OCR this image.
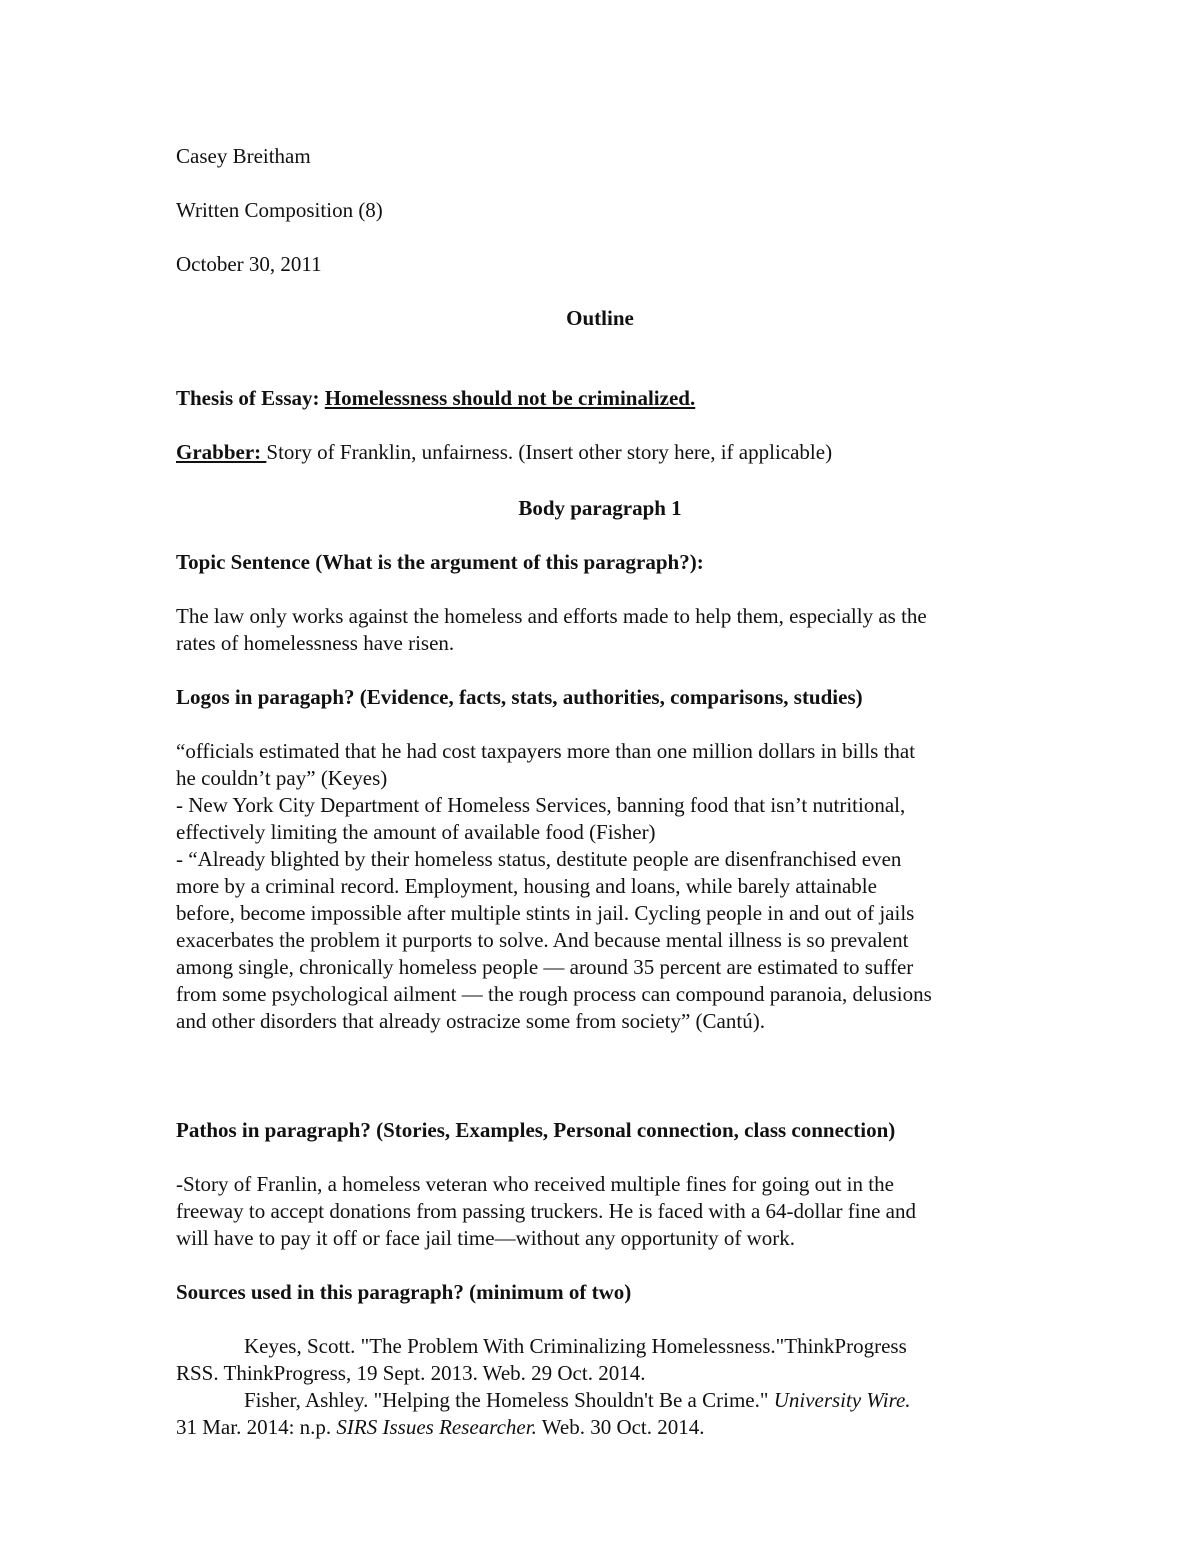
Casey Breitham

Written Composition (8)

October 30, 2011

Outline

Thesis of Essay: Homelessness should not be criminalized.

Grabber: Story of Franklin, unfairness. (Insert other story here, if applicable)

Body paragraph 1

Topic Sentence (What is the argument of this paragraph?):

The law only works against the homeless and efforts made to help them, especially as the

rates of homelessness have risen.

Logos in paragaph? (Evidence, facts, stats, authorities, comparisons, studies)

“officials estimated that he had cost taxpayers more than one million dollars in bills that

he couldn’t pay” (Keyes)

- New York City Department of Homeless Services, banning food that isn’t nutritional,

effectively limiting the amount of available food (Fisher)

- “Already blighted by their homeless status, destitute people are disenfranchised even

more by a criminal record. Employment, housing and loans, while barely attainable

before, become impossible after multiple stints in jail. Cycling people in and out of jails

exacerbates the problem it purports to solve. And because mental illness is so prevalent

among single, chronically homeless people — around 35 percent are estimated to suffer

from some psychological ailment — the rough process can compound paranoia, delusions

and other disorders that already ostracize some from society” (Cantú).

Pathos in paragraph? (Stories, Examples, Personal connection, class connection)

-Story of Franlin, a homeless veteran who received multiple fines for going out in the

freeway to accept donations from passing truckers. He is faced with a 64-dollar fine and

will have to pay it off or face jail time—without any opportunity of work.

Sources used in this paragraph? (minimum of two)

Keyes, Scott. "The Problem With Criminalizing Homelessness."ThinkProgress

RSS. ThinkProgress, 19 Sept. 2013. Web. 29 Oct. 2014.

Fisher, Ashley. "Helping the Homeless Shouldn't Be a Crime." University Wire.

31 Mar. 2014: n.p. SIRS Issues Researcher. Web. 30 Oct. 2014.
